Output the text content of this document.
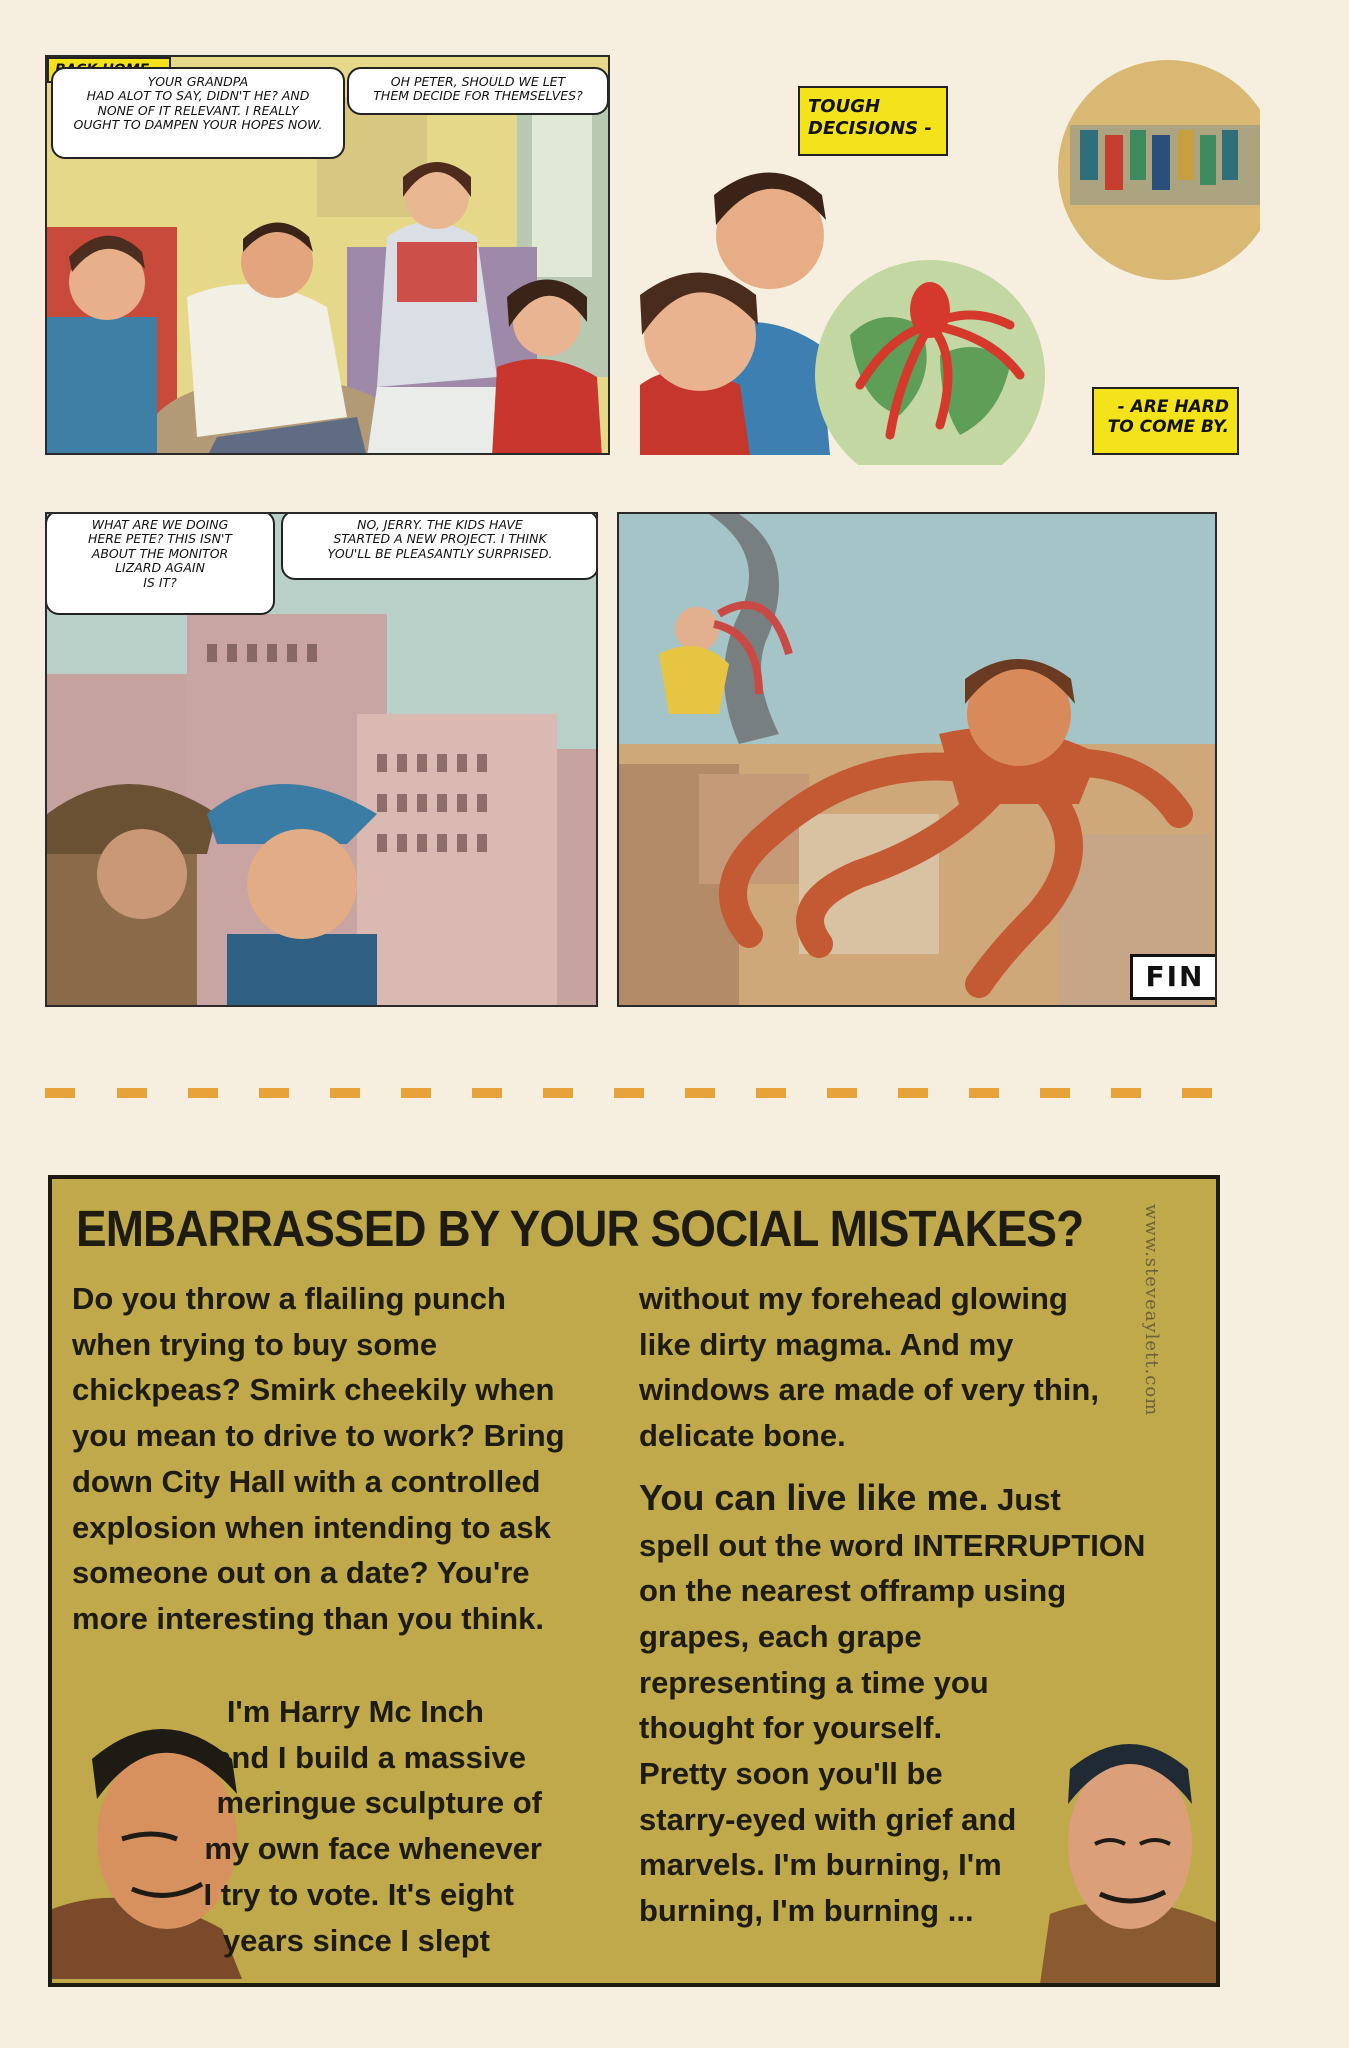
YOUR GRANDPA
HAD ALOT TO SAY, DIDN'T HE? AND
NONE OF IT RELEVANT. I REALLY
OUGHT TO DAMPEN YOUR HOPES NOW.
OH PETER, SHOULD WE LET
THEM DECIDE FOR THEMSELVES?
TOUGH
DECISIONS -
- ARE HARD
TO COME BY.
WHAT ARE WE DOING
HERE PETE? THIS ISN'T
ABOUT THE MONITOR
LIZARD AGAIN
IS IT?
NO, JERRY. THE KIDS HAVE
STARTED A NEW PROJECT. I THINK
YOU'LL BE PLEASANTLY SURPRISED.
FIN
EMBARRASSED BY YOUR SOCIAL MISTAKES?	www.steveaylett.com
Do you throw a flailing punch
when trying to buy some
chickpeas? Smirk cheekily when
you mean to drive to work? Bring
down City Hall with a controlled
explosion when intending to ask
someone out on a date? You're
more interesting than you think.
I'm Harry Mc Inch
and I build a massive
meringue sculpture of
my own face whenever
I try to vote. It's eight
years since I slept
without my forehead glowing
like dirty magma. And my
windows are made of very thin,
delicate bone.
You can live like me. Just
spell out the word INTERRUPTION
on the nearest offramp using
grapes, each grape
representing a time you
thought for yourself.
Pretty soon you'll be
starry-eyed with grief and
marvels. I'm burning, I'm
burning, I'm burning ...
